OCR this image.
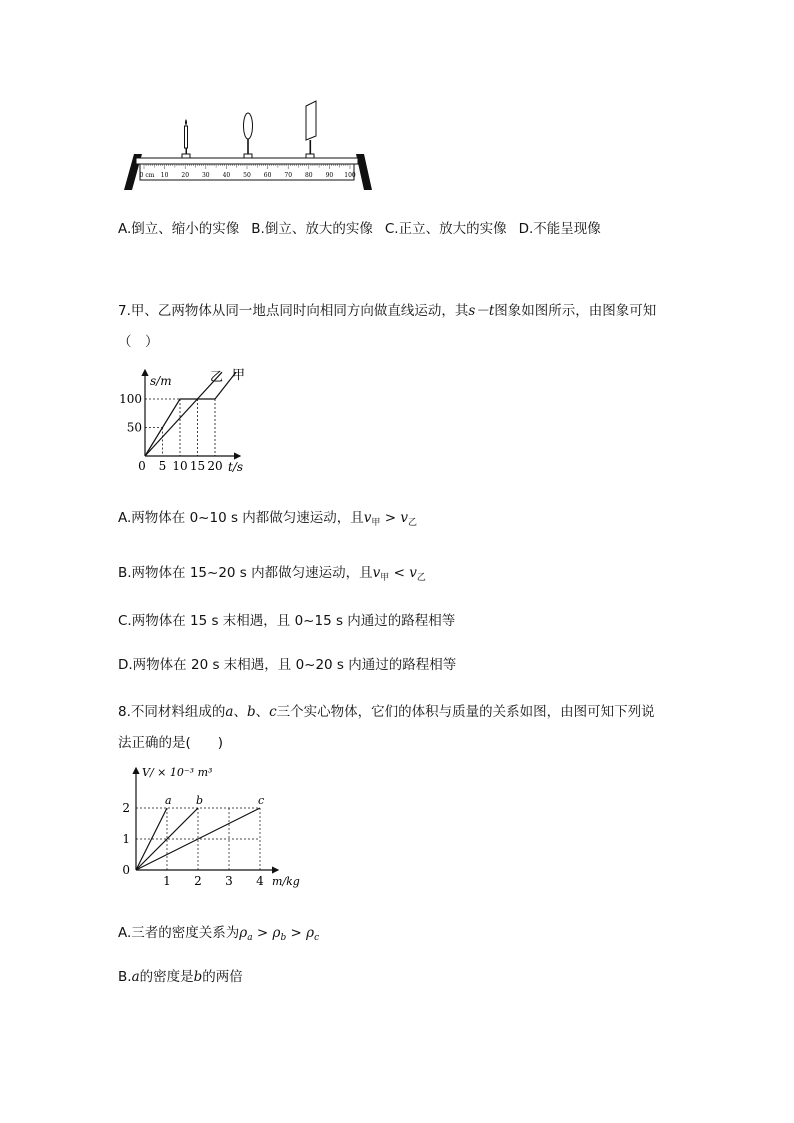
0 cm 10 20 30 40 50 60 70 80 90 100
A.倒立、缩小的实像 B.倒立、放大的实像 C.正立、放大的实像 D.不能呈现像
7.甲、乙两物体从同一地点同时向相同方向做直线运动，其s－t图象如图所示，由图象可知
（　）
s/m
t/s
乙 甲
100
50
0 5 10 15 20
A.两物体在 0~10 s 内都做匀速运动，且$v_甲 > v_乙$
B.两物体在 15~20 s 内都做匀速运动，且$v_甲 < v_乙$
C.两物体在 15 s 末相遇，且 0~15 s 内通过的路程相等
D.两物体在 20 s 末相遇，且 0~20 s 内通过的路程相等
8.不同材料组成的a、b、c三个实心物体，它们的体积与质量的关系如图，由图可知下列说
法正确的是(　　)
V/ × 10⁻³ m³
m/kg
2
1
0
1 2 3 4
a b	c
A.三者的密度关系为$\rho_a > \rho_b > \rho_c$
B.a的密度是b的两倍
